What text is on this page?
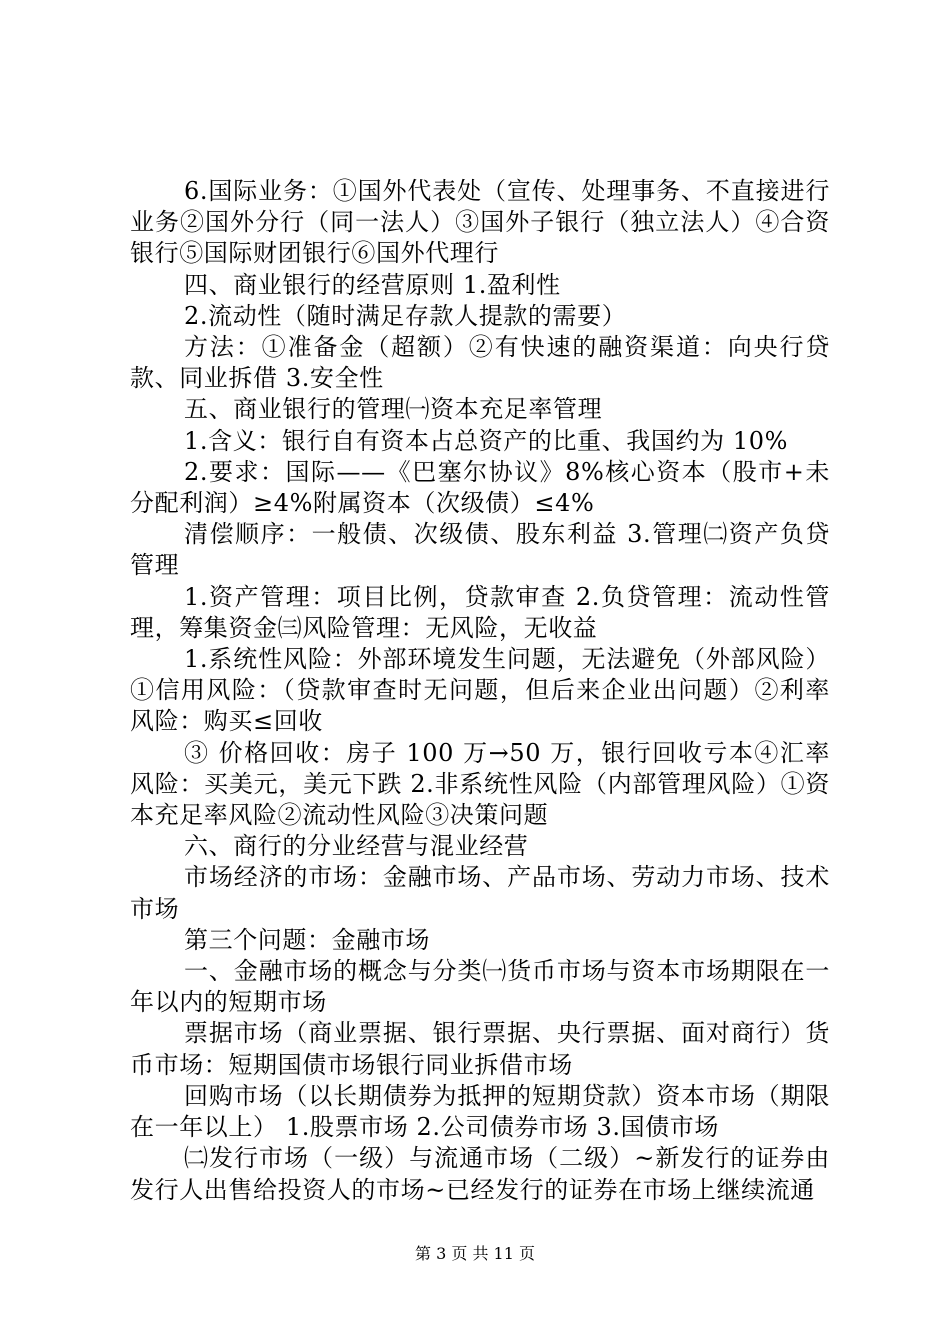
6.国际业务：①国外代表处（宣传、处理事务、不直接进行业务②国外分行（同一法人）③国外子银行（独立法人）④合资银行⑤国际财团银行⑥国外代理行

四、商业银行的经营原则 1.盈利性

2.流动性（随时满足存款人提款的需要）

方法：①准备金（超额）②有快速的融资渠道：向央行贷款、同业拆借 3.安全性

五、商业银行的管理㈠资本充足率管理

1.含义：银行自有资本占总资产的比重、我国约为 10%

2.要求：国际——《巴塞尔协议》8%核心资本（股市+未分配利润）≥4%附属资本（次级债）≤4%

清偿顺序：一般债、次级债、股东利益 3.管理㈡资产负贷管理

1.资产管理：项目比例，贷款审查 2.负贷管理：流动性管理，筹集资金㈢风险管理：无风险，无收益

1.系统性风险：外部环境发生问题，无法避免（外部风险）①信用风险：（贷款审查时无问题，但后来企业出问题）②利率风险：购买≤回收

③ 价格回收：房子 100 万→50 万，银行回收亏本④汇率风险：买美元，美元下跌 2.非系统性风险（内部管理风险）①资本充足率风险②流动性风险③决策问题

六、商行的分业经营与混业经营

市场经济的市场：金融市场、产品市场、劳动力市场、技术市场

第三个问题：金融市场

一、金融市场的概念与分类㈠货币市场与资本市场期限在一年以内的短期市场

票据市场（商业票据、银行票据、央行票据、面对商行）货币市场：短期国债市场银行同业拆借市场

回购市场（以长期债券为抵押的短期贷款）资本市场（期限在一年以上） 1.股票市场 2.公司债券市场 3.国债市场

㈡发行市场（一级）与流通市场（二级）~新发行的证券由发行人出售给投资人的市场~已经发行的证券在市场上继续流通

第 3 页 共 11 页
